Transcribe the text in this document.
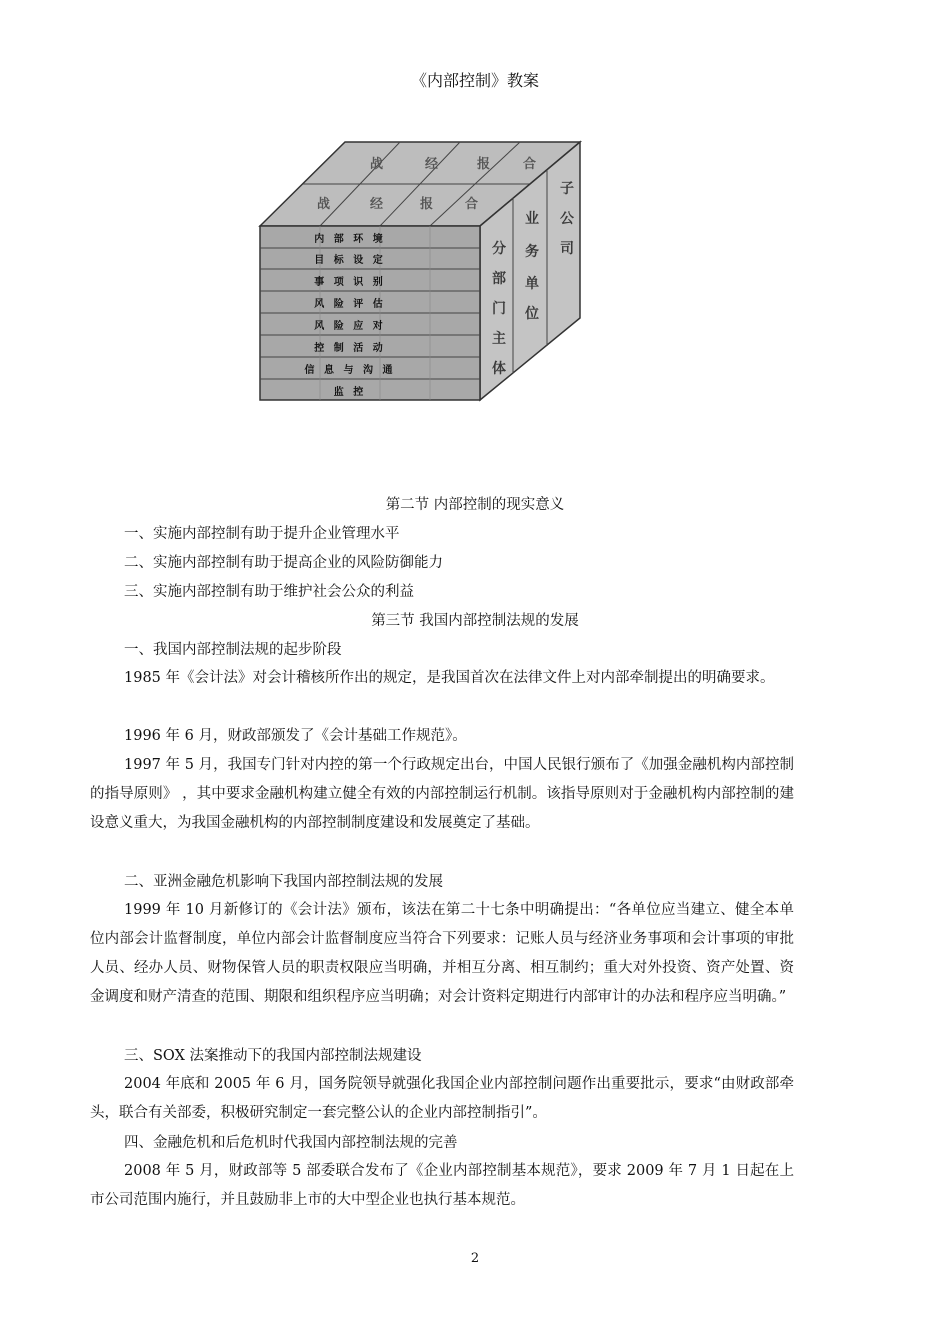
《内部控制》教案
战	经	报	合
战	经	报 合
子
公
司
业
务
单
位
分
部
门
主
体
内 部 环 境
目 标 设 定
事 项 识 别
风 险 评 估
风 险 应 对
控 制 活 动
信 息 与 沟 通
监 控
第二节 内部控制的现实意义
一、实施内部控制有助于提升企业管理水平
二、实施内部控制有助于提高企业的风险防御能力
三、实施内部控制有助于维护社会公众的利益
第三节 我国内部控制法规的发展
一、我国内部控制法规的起步阶段

1985 年《会计法》对会计稽核所作出的规定，是我国首次在法律文件上对内部牵制提出的明确要求。

1996 年 6 月，财政部颁发了《会计基础工作规范》。

1997 年 5 月，我国专门针对内控的第一个行政规定出台，中国人民银行颁布了《加强金融机构内部控制的指导原则》 ，其中要求金融机构建立健全有效的内部控制运行机制。该指导原则对于金融机构内部控制的建设意义重大，为我国金融机构的内部控制制度建设和发展奠定了基础。

二、亚洲金融危机影响下我国内部控制法规的发展

1999 年 10 月新修订的《会计法》颁布，该法在第二十七条中明确提出：“各单位应当建立、健全本单位内部会计监督制度，单位内部会计监督制度应当符合下列要求：记账人员与经济业务事项和会计事项的审批人员、经办人员、财物保管人员的职责权限应当明确，并相互分离、相互制约；重大对外投资、资产处置、资金调度和财产清查的范围、期限和组织程序应当明确；对会计资料定期进行内部审计的办法和程序应当明确。”

三、SOX 法案推动下的我国内部控制法规建设

2004 年底和 2005 年 6 月，国务院领导就强化我国企业内部控制问题作出重要批示，要求“由财政部牵头，联合有关部委，积极研究制定一套完整公认的企业内部控制指引”。

四、金融危机和后危机时代我国内部控制法规的完善

2008 年 5 月，财政部等 5 部委联合发布了《企业内部控制基本规范》，要求 2009 年 7 月 1 日起在上市公司范围内施行，并且鼓励非上市的大中型企业也执行基本规范。

2
